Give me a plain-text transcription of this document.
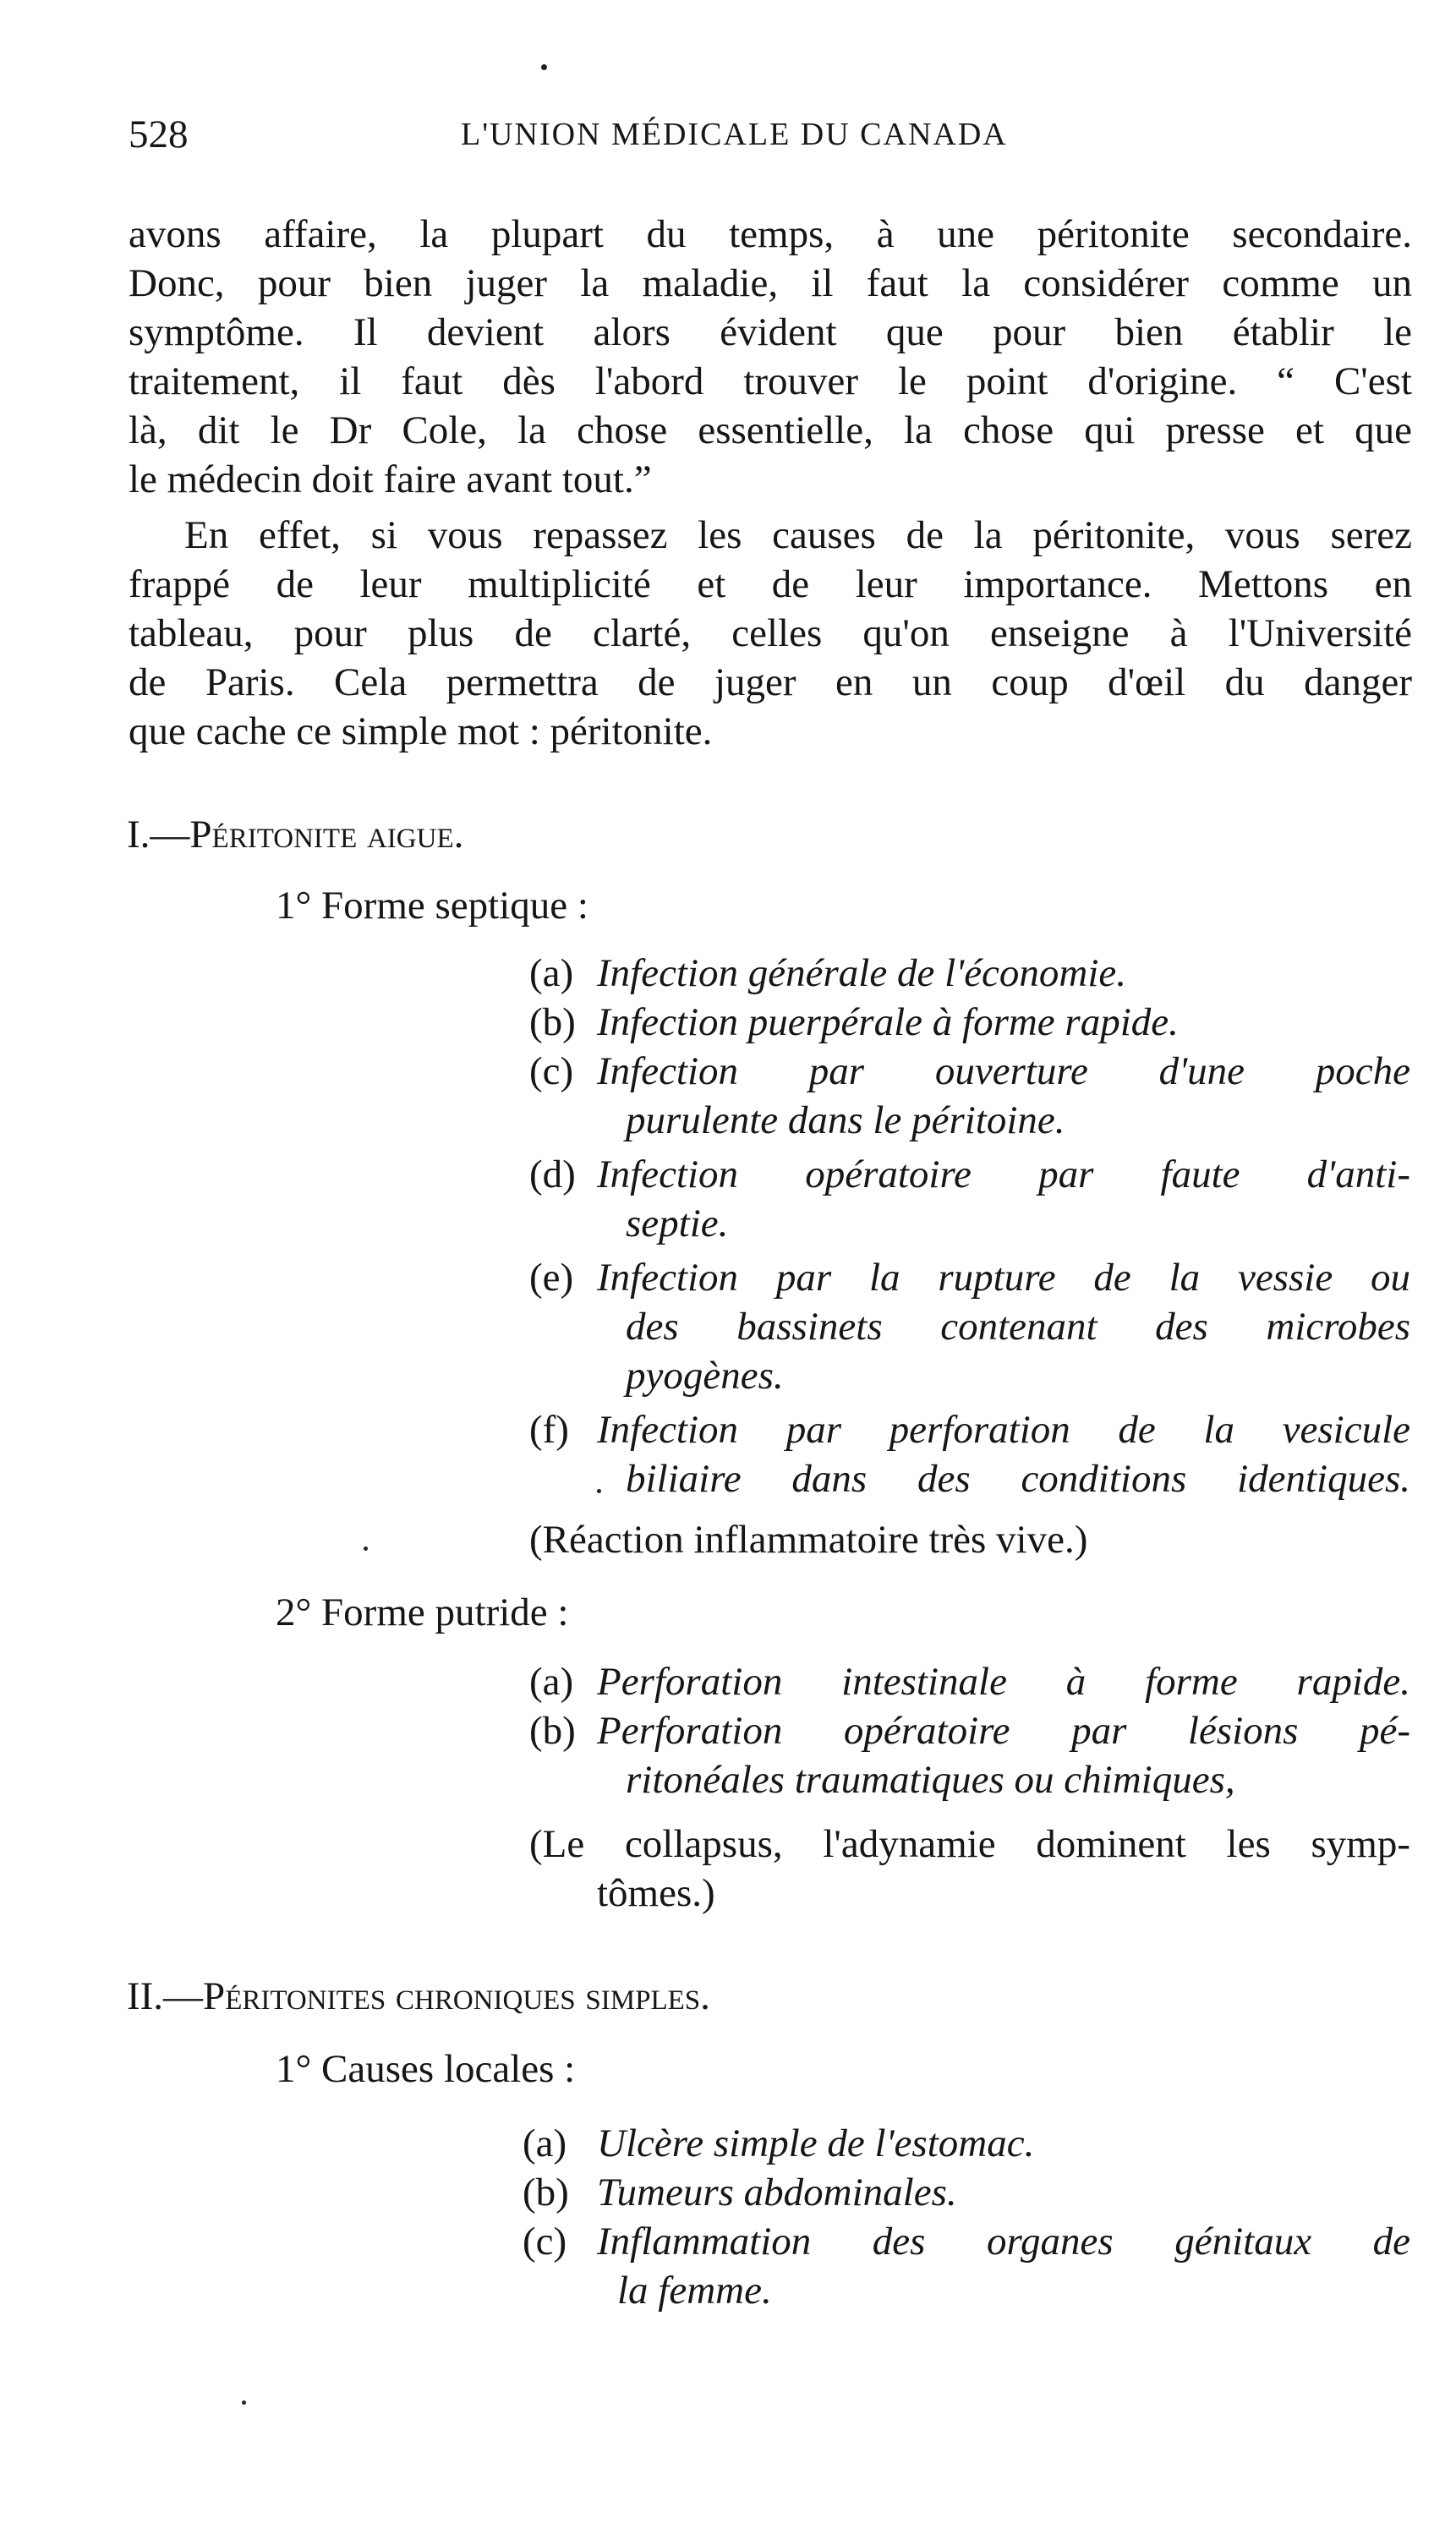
528	L'UNION MÉDICALE DU CANADA
avons affaire, la plupart du temps, à une péritonite secondaire.
Donc, pour bien juger la maladie, il faut la considérer comme un
symptôme. Il devient alors évident que pour bien établir le
traitement, il faut dès l'abord trouver le point d'origine. “ C'est
là, dit le Dr Cole, la chose essentielle, la chose qui presse et que
le médecin doit faire avant tout.”
En effet, si vous repassez les causes de la péritonite, vous serez
frappé de leur multiplicité et de leur importance. Mettons en
tableau, pour plus de clarté, celles qu'on enseigne à l'Université
de Paris. Cela permettra de juger en un coup d'œil du danger
que cache ce simple mot : péritonite.
I.—Péritonite aigue.
1° Forme septique :
(a) Infection générale de l'économie.
(b) Infection puerpérale à forme rapide.
(c) Infection par ouverture d'une poche
purulente dans le péritoine.
(d) Infection opératoire par faute d'anti-
septie.
(e) Infection par la rupture de la vessie ou
des bassinets contenant des microbes
pyogènes.
(f) Infection par perforation de la vesicule
biliaire dans des conditions identiques.
(Réaction inflammatoire très vive.)
2° Forme putride :
(a) Perforation intestinale à forme rapide.
(b) Perforation opératoire par lésions pé-
ritonéales traumatiques ou chimiques,
(Le collapsus, l'adynamie dominent les symp-
tômes.)
II.—Péritonites chroniques simples.
1° Causes locales :
(a) Ulcère simple de l'estomac.
(b) Tumeurs abdominales.
(c) Inflammation des organes génitaux de
la femme.
